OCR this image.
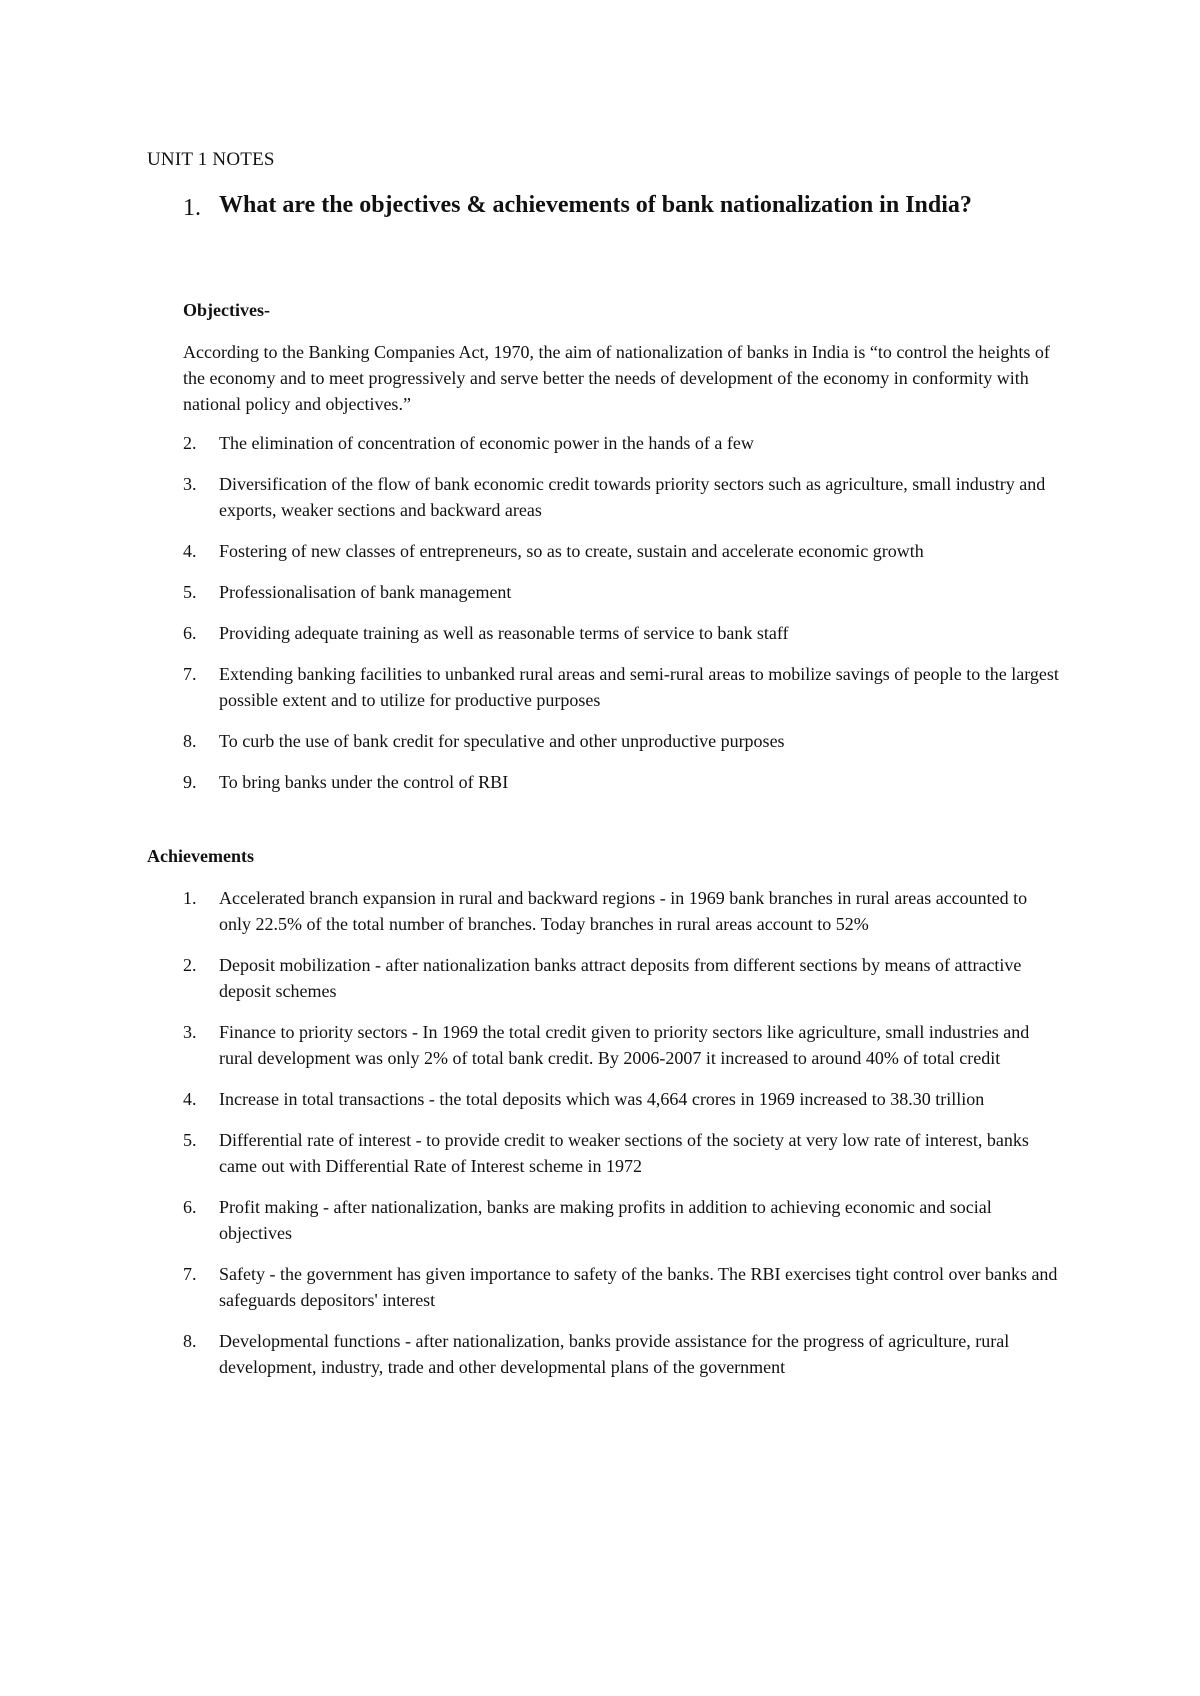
UNIT 1 NOTES
1. What are the objectives & achievements of bank nationalization in India?
Objectives-

According to the Banking Companies Act, 1970, the aim of nationalization of banks in India is “to control the heights of the economy and to meet progressively and serve better the needs of development of the economy in conformity with national policy and objectives.”

2. The elimination of concentration of economic power in the hands of a few
3. Diversification of the flow of bank economic credit towards priority sectors such as agriculture, small industry and exports, weaker sections and backward areas
4. Fostering of new classes of entrepreneurs, so as to create, sustain and accelerate economic growth
5. Professionalisation of bank management
6. Providing adequate training as well as reasonable terms of service to bank staff
7. Extending banking facilities to unbanked rural areas and semi-rural areas to mobilize savings of people to the largest possible extent and to utilize for productive purposes
8. To curb the use of bank credit for speculative and other unproductive purposes
9. To bring banks under the control of RBI
Achievements
1. Accelerated branch expansion in rural and backward regions - in 1969 bank branches in rural areas accounted to only 22.5% of the total number of branches. Today branches in rural areas account to 52%
2. Deposit mobilization - after nationalization banks attract deposits from different sections by means of attractive deposit schemes
3. Finance to priority sectors - In 1969 the total credit given to priority sectors like agriculture, small industries and rural development was only 2% of total bank credit. By 2006-2007 it increased to around 40% of total credit
4. Increase in total transactions - the total deposits which was 4,664 crores in 1969 increased to 38.30 trillion
5. Differential rate of interest - to provide credit to weaker sections of the society at very low rate of interest, banks came out with Differential Rate of Interest scheme in 1972
6. Profit making - after nationalization, banks are making profits in addition to achieving economic and social objectives
7. Safety - the government has given importance to safety of the banks. The RBI exercises tight control over banks and safeguards depositors' interest
8. Developmental functions - after nationalization, banks provide assistance for the progress of agriculture, rural development, industry, trade and other developmental plans of the government
